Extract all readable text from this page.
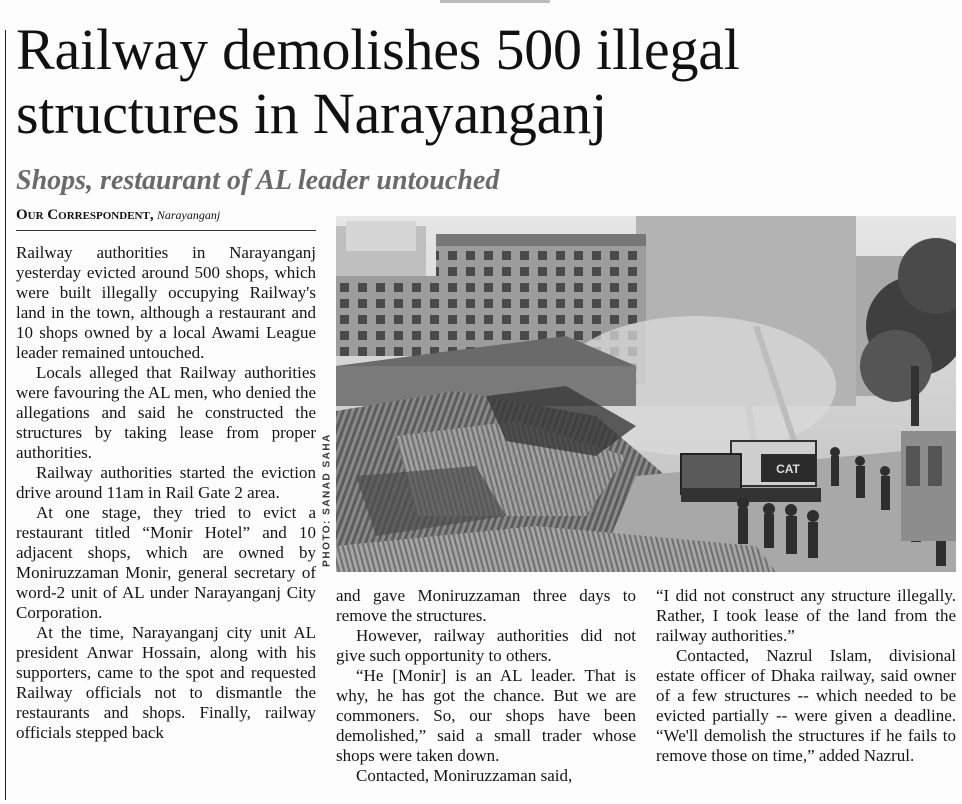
Railway demolishes 500 illegal structures in Narayanganj
Shops, restaurant of AL leader untouched
Our Correspondent, Narayanganj

Railway authorities in Narayanganj yesterday evicted around 500 shops, which were built illegally occupying Railway's land in the town, although a restaurant and 10 shops owned by a local Awami League leader remained untouched.

Locals alleged that Railway authorities were favouring the AL men, who denied the allegations and said he constructed the structures by taking lease from proper authorities.

Railway authorities started the eviction drive around 11am in Rail Gate 2 area.

At one stage, they tried to evict a restaurant titled “Monir Hotel” and 10 adjacent shops, which are owned by Moniruzzaman Monir, general secretary of word-2 unit of AL under Narayanganj City Corporation.

At the time, Narayanganj city unit AL president Anwar Hossain, along with his supporters, came to the spot and requested Railway officials not to dismantle the restaurants and shops. Finally, railway officials stepped back

PHOTO: SANAD SAHA	CAT

and gave Moniruzzaman three days to remove the structures.

However, railway authorities did not give such opportunity to others.

“He [Monir] is an AL leader. That is why, he has got the chance. But we are commoners. So, our shops have been demolished,” said a small trader whose shops were taken down.

Contacted, Moniruzzaman said,

“I did not construct any structure illegally. Rather, I took lease of the land from the railway authorities.”

Contacted, Nazrul Islam, divisional estate officer of Dhaka railway, said owner of a few structures -- which needed to be evicted partially -- were given a deadline. “We'll demolish the structures if he fails to remove those on time,” added Nazrul.
